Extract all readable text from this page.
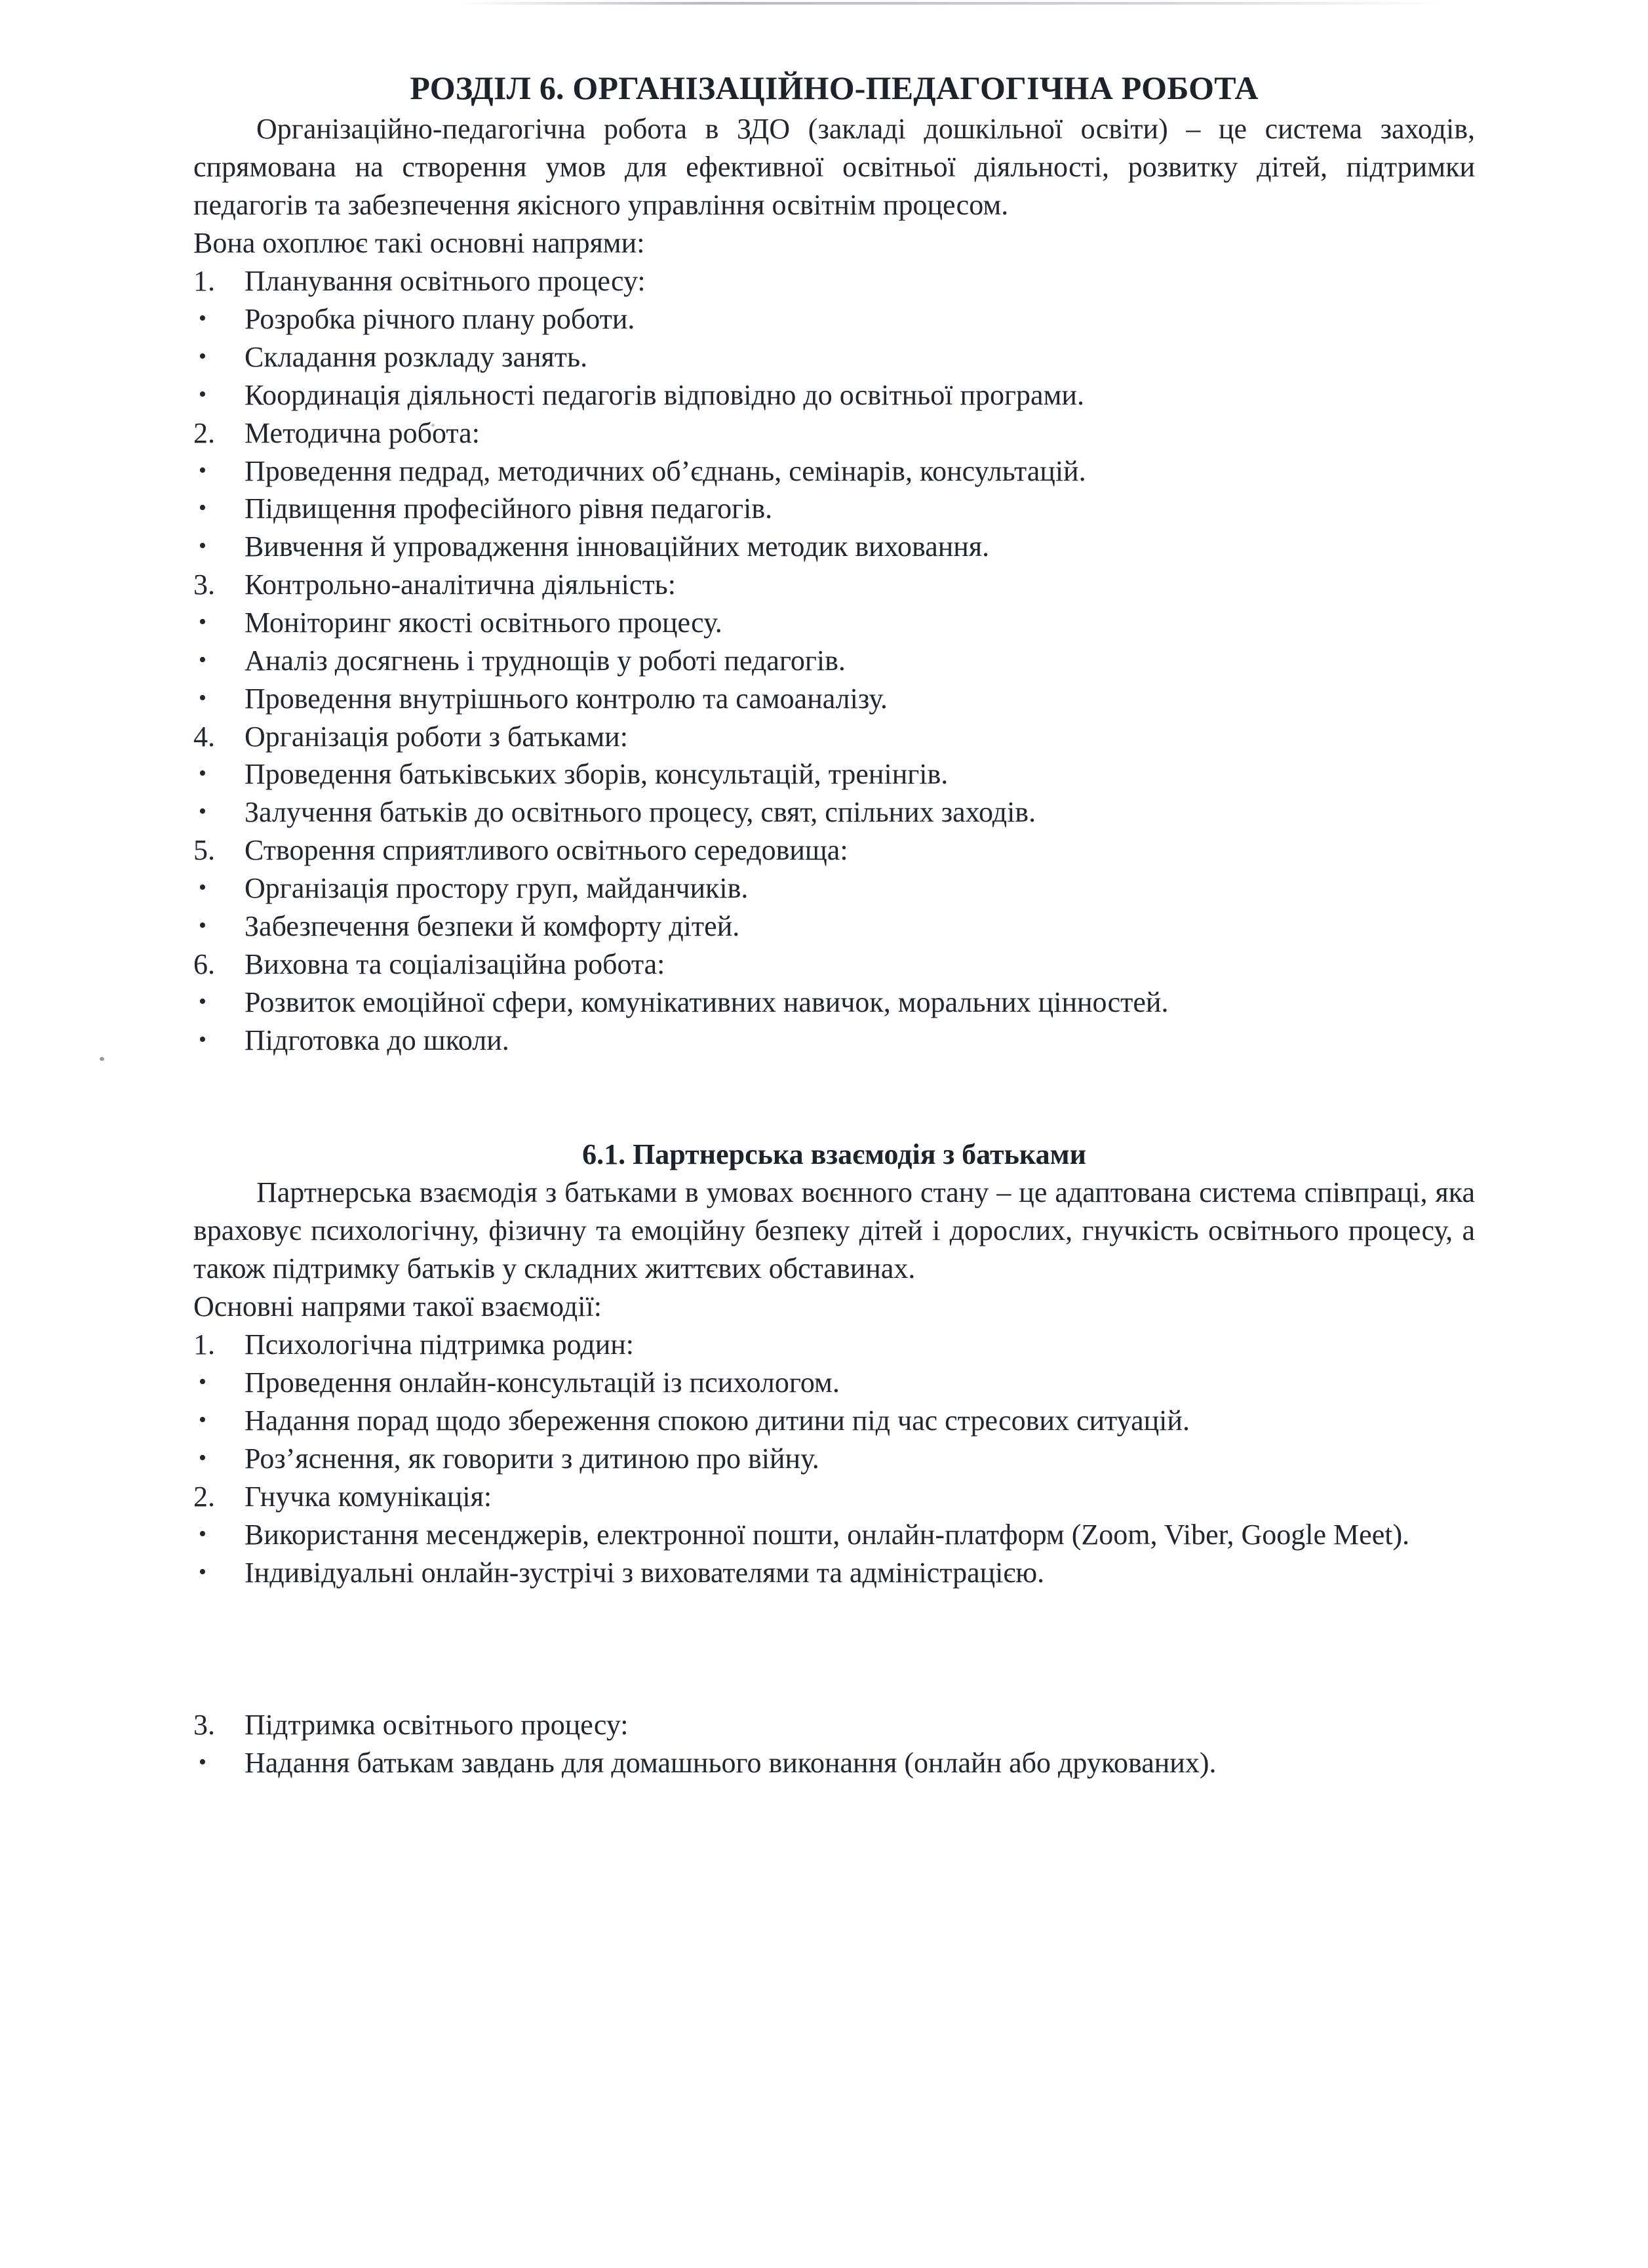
РОЗДІЛ 6. ОРГАНІЗАЦІЙНО-ПЕДАГОГІЧНА РОБОТА

Організаційно-педагогічна робота в ЗДО (закладі дошкільної освіти) – це система заходів, спрямована на створення умов для ефективної освітньої діяльності, розвитку дітей, підтримки педагогів та забезпечення якісного управління освітнім процесом.

Вона охоплює такі основні напрями:

1.	Планування освітнього процесу:
•	Розробка річного плану роботи.
•	Складання розкладу занять.
•	Координація діяльності педагогів відповідно до освітньої програми.
2.	Методична робота:
•	Проведення педрад, методичних об’єднань, семінарів, консультацій.
•	Підвищення професійного рівня педагогів.
•	Вивчення й упровадження інноваційних методик виховання.
3.	Контрольно-аналітична діяльність:
•	Моніторинг якості освітнього процесу.
•	Аналіз досягнень і труднощів у роботі педагогів.
•	Проведення внутрішнього контролю та самоаналізу.
4.	Організація роботи з батьками:
•	Проведення батьківських зборів, консультацій, тренінгів.
•	Залучення батьків до освітнього процесу, свят, спільних заходів.
5.	Створення сприятливого освітнього середовища:
•	Організація простору груп, майданчиків.
•	Забезпечення безпеки й комфорту дітей.
6.	Виховна та соціалізаційна робота:
•	Розвиток емоційної сфери, комунікативних навичок, моральних цінностей.
•	Підготовка до школи.
6.1. Партнерська взаємодія з батьками

Партнерська взаємодія з батьками в умовах воєнного стану – це адаптована система співпраці, яка враховує психологічну, фізичну та емоційну безпеку дітей і дорослих, гнучкість освітнього процесу, а також підтримку батьків у складних життєвих обставинах.

Основні напрями такої взаємодії:

1.	Психологічна підтримка родин:
•	Проведення онлайн-консультацій із психологом.
•	Надання порад щодо збереження спокою дитини під час стресових ситуацій.
•	Роз’яснення, як говорити з дитиною про війну.
2.	Гнучка комунікація:
•	Використання месенджерів, електронної пошти, онлайн-платформ (Zoom, Viber, Google Meet).
•	Індивідуальні онлайн-зустрічі з вихователями та адміністрацією.
3.	Підтримка освітнього процесу:
•	Надання батькам завдань для домашнього виконання (онлайн або друкованих).
